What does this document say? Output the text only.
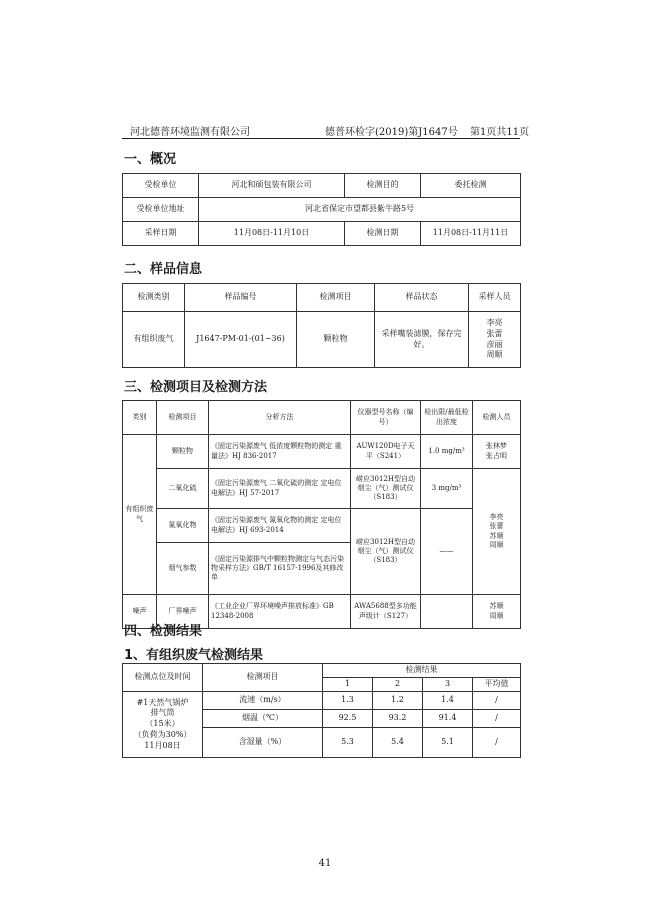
河北德普环境监测有限公司	德普环检字(2019)第J1647号 第1页共11页
一、概况
受检单位	河北和硕包装有限公司	检测目的	委托检测
受检单位地址	河北省保定市望都县紫牛路5号		
采样日期	11月08日-11月10日	检测日期	11月08日-11月11日
二、样品信息
检测类别	样品编号	检测项目	样品状态	采样人员
有组织废气	J1647-PM-01-(01~36)	颗粒物	采样嘴装滤膜，保存完好。	李亮
张蕾
彦丽
周顺
三、检测项目及检测方法
类别	检测项目	分析方法	仪器型号名称（编号）	检出限/最低检出浓度	检测人员
有组织废气	颗粒物	《固定污染源废气 低浓度颗粒物的测定 重量法》HJ 836-2017	AUW120D电子天平（S241）	1.0 mg/m³	张林梦
张占明

	二氧化硫	《固定污染源废气 二氧化硫的测定 定电位电解法》HJ 57-2017	崂应3012H型自动烟尘（气）测试仪（S183）	3 mg/m³	李亮
张蕾
苏顺
周顺

	氮氧化物	《固定污染源废气 氮氧化物的测定 定电位电解法》HJ 693-2014	崂应3012H型自动烟尘（气）测试仪（S183）	——	
	烟气参数	《固定污染源排气中颗粒物测定与气态污染物采样方法》GB/T 16157-1996及其修改单			
噪声	厂界噪声	《工业企业厂界环境噪声排放标准》GB 12348-2008	AWA5688型多功能声级计（S127）		苏顺
周顺
四、检测结果
1、有组织废气检测结果
检测点位及时间	检测项目	检测结果			
		1	2	3	平均值

#1天然气锅炉
排气筒
（15米）
（负荷为30%）
11月08日	流速（m/s）	1.3	1.2	1.4	/
	烟温（℃）	92.5	93.2	91.4	/
	含湿量（%）	5.3	5.4	5.1	/
41
